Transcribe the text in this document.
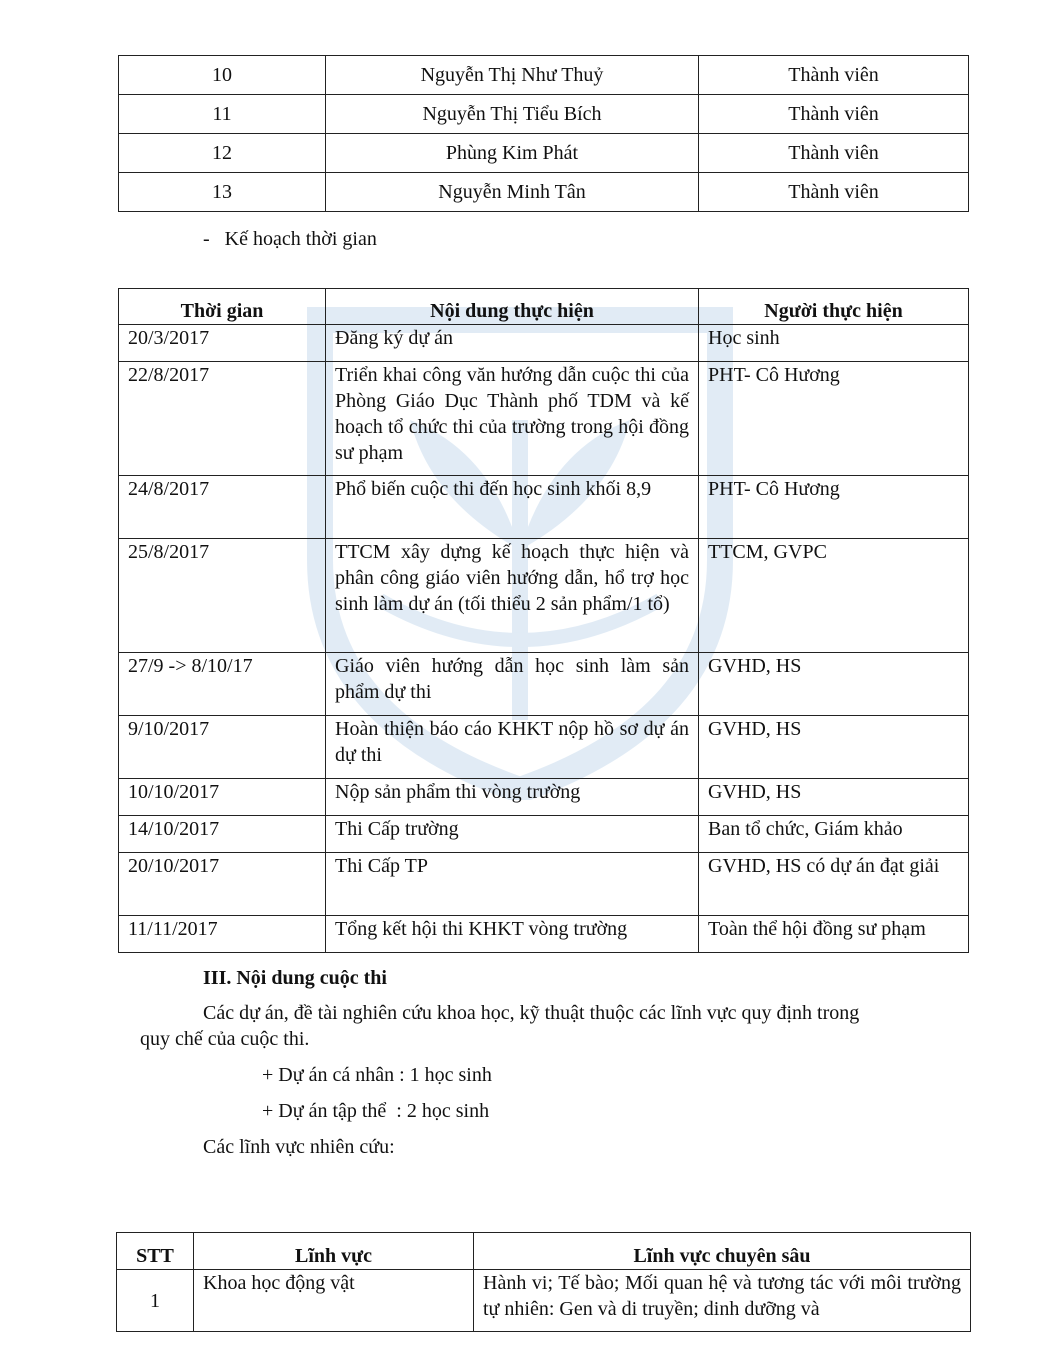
10	Nguyễn Thị Như Thuỷ	Thành viên
11	Nguyễn Thị Tiểu Bích	Thành viên
12	Phùng Kim Phát	Thành viên
13	Nguyễn Minh Tân	Thành viên
-   Kế hoạch thời gian
Thời gian	Nội dung thực hiện	Người thực hiện
20/3/2017	Đăng ký dự án	Học sinh
22/8/2017	Triển khai công văn hướng dẫn cuộc thi của Phòng Giáo Dục Thành phố TDM và kế hoạch tổ chức thi của trường trong hội đồng sư phạm	PHT- Cô Hương
24/8/2017	Phổ biến cuộc thi đến học sinh khối 8,9	PHT- Cô Hương
25/8/2017	TTCM xây dựng kế hoạch thực hiện và phân công giáo viên hướng dẫn, hổ trợ học sinh làm dự án (tối thiểu 2 sản phẩm/1 tổ)	TTCM, GVPC
27/9 -> 8/10/17	Giáo viên hướng dẫn học sinh làm sản phẩm dự thi	GVHD, HS
9/10/2017	Hoàn thiện báo cáo KHKT nộp hồ sơ dự án dự thi	GVHD, HS
10/10/2017	Nộp sản phẩm thi vòng trường	GVHD, HS
14/10/2017	Thi Cấp trường	Ban tổ chức, Giám khảo
20/10/2017	Thi Cấp TP	GVHD, HS có dự án đạt giải
11/11/2017	Tổng kết hội thi KHKT vòng trường	Toàn thể hội đồng sư phạm
III. Nội dung cuộc thi
Các dự án, đề tài nghiên cứu khoa học, kỹ thuật thuộc các lĩnh vực quy định trong
quy chế của cuộc thi.
+ Dự án cá nhân : 1 học sinh
+ Dự án tập thể  : 2 học sinh
Các lĩnh vực nhiên cứu:
STT	Lĩnh vực	Lĩnh vực chuyên sâu
1	Khoa học động vật	Hành vi; Tế bào; Mối quan hệ và tương tác với môi trường tự nhiên: Gen và di truyền; dinh dưỡng và
